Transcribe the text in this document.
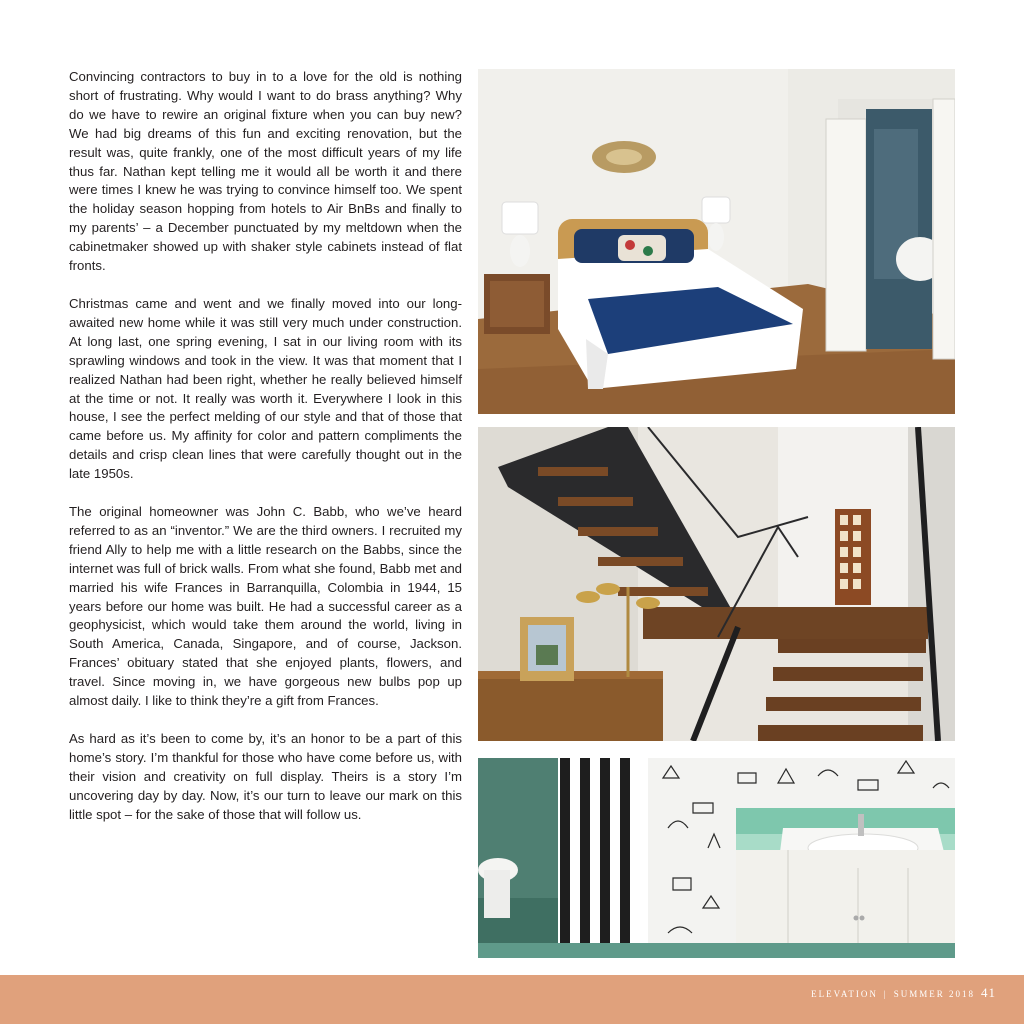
Convincing contractors to buy in to a love for the old is nothing short of frustrating. Why would I want to do brass anything? Why do we have to rewire an original fixture when you can buy new? We had big dreams of this fun and exciting renovation, but the result was, quite frankly, one of the most difficult years of my life thus far. Nathan kept telling me it would all be worth it and there were times I knew he was trying to convince himself too. We spent the holiday season hopping from hotels to Air BnBs and finally to my parents’ – a December punctuated by my meltdown when the cabinetmaker showed up with shaker style cabinets instead of flat fronts.

Christmas came and went and we finally moved into our long-awaited new home while it was still very much under construction. At long last, one spring evening, I sat in our living room with its sprawling windows and took in the view. It was that moment that I realized Nathan had been right, whether he really believed himself at the time or not. It really was worth it. Everywhere I look in this house, I see the perfect melding of our style and that of those that came before us. My affinity for color and pattern compliments the details and crisp clean lines that were carefully thought out in the late 1950s.

The original homeowner was John C. Babb, who we’ve heard referred to as an “inventor.” We are the third owners. I recruited my friend Ally to help me with a little research on the Babbs, since the internet was full of brick walls. From what she found, Babb met and married his wife Frances in Barranquilla, Colombia in 1944, 15 years before our home was built. He had a successful career as a geophysicist, which would take them around the world, living in South America, Canada, Singapore, and of course, Jackson. Frances’ obituary stated that she enjoyed plants, flowers, and travel. Since moving in, we have gorgeous new bulbs pop up almost daily. I like to think they’re a gift from Frances.

As hard as it’s been to come by, it’s an honor to be a part of this home’s story. I’m thankful for those who have come before us, with their vision and creativity on full display. Theirs is a story I’m uncovering day by day. Now, it’s our turn to leave our mark on this little spot – for the sake of those that will follow us.

ELEVATION | SUMMER 2018 41
